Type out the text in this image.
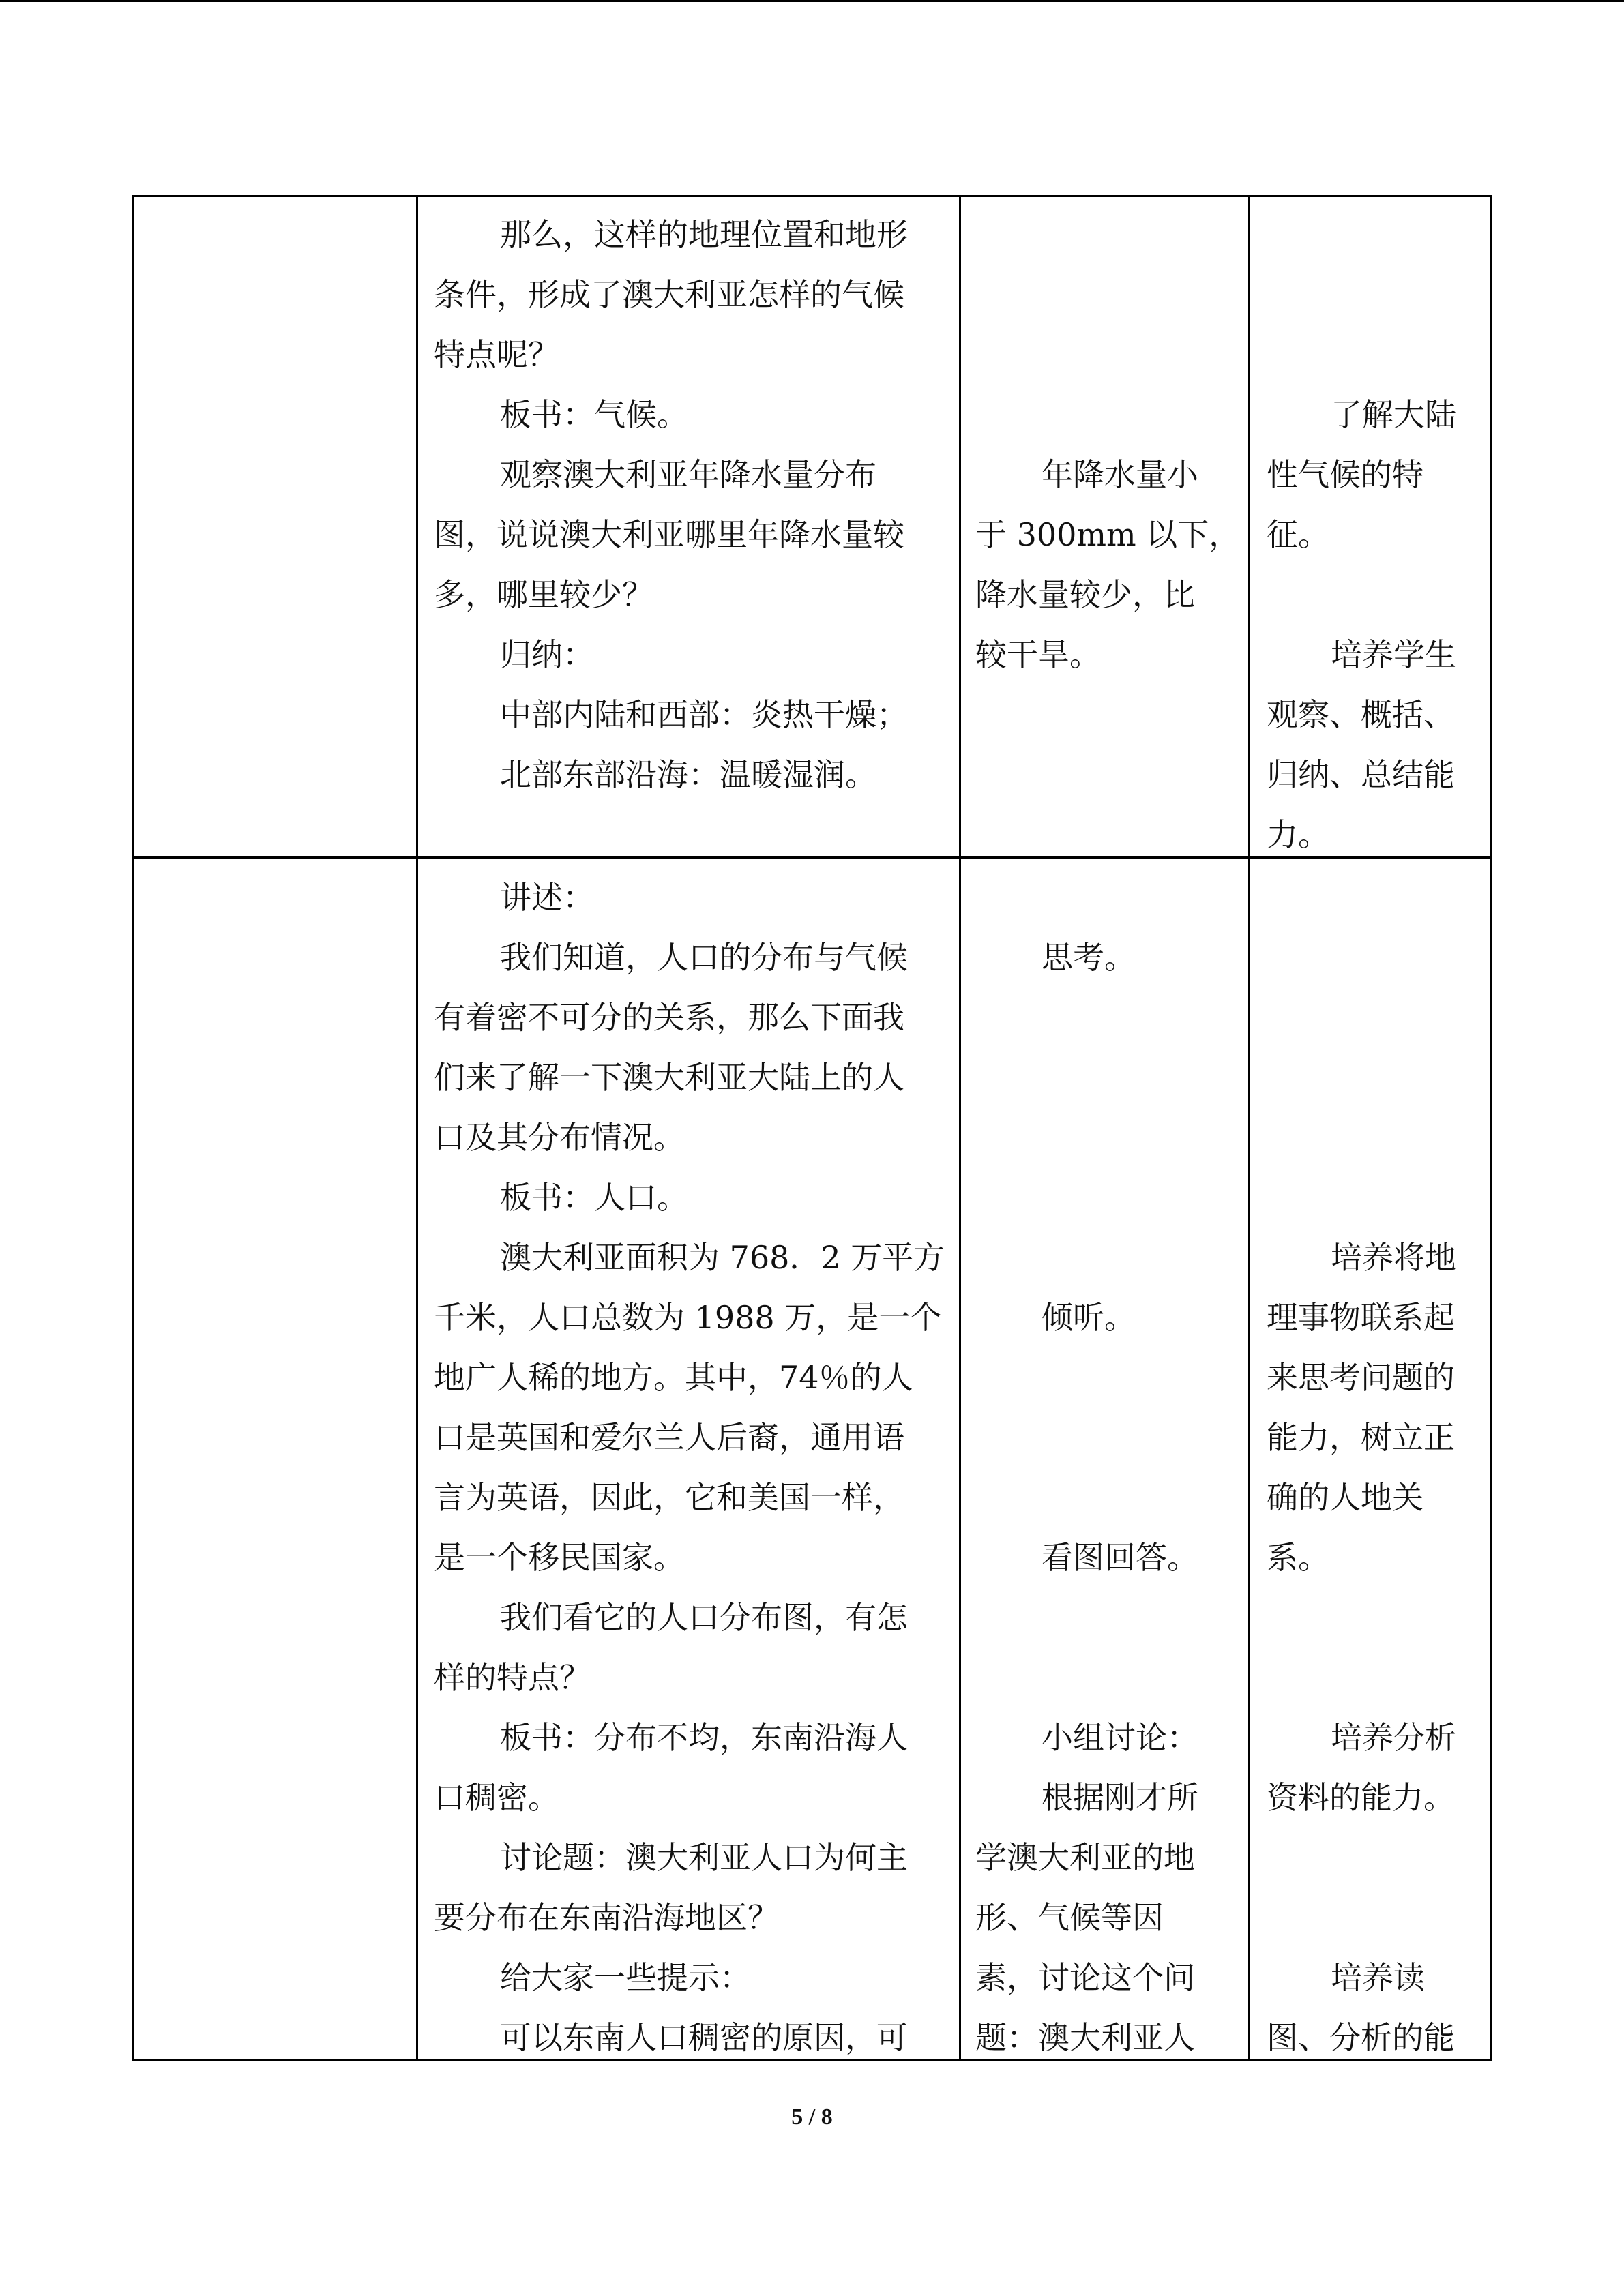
那么，这样的地理位置和地形
条件，形成了澳大利亚怎样的气候
特点呢？
板书：气候。
观察澳大利亚年降水量分布
图，说说澳大利亚哪里年降水量较
多，哪里较少？
归纳：
中部内陆和西部：炎热干燥；
北部东部沿海：温暖湿润。
年降水量小
于 300mm 以下，
降水量较少，比
较干旱。
了解大陆
性气候的特
征。
培养学生
观察、概括、
归纳、总结能
力。
讲述：
我们知道，人口的分布与气候
有着密不可分的关系，那么下面我
们来了解一下澳大利亚大陆上的人
口及其分布情况。
板书：人口。
澳大利亚面积为 768．2 万平方
千米，人口总数为 1988 万，是一个
地广人稀的地方。其中，74％的人
口是英国和爱尔兰人后裔，通用语
言为英语，因此，它和美国一样，
是一个移民国家。
我们看它的人口分布图，有怎
样的特点？
板书：分布不均，东南沿海人
口稠密。
讨论题：澳大利亚人口为何主
要分布在东南沿海地区？
给大家一些提示：
可以东南人口稠密的原因，可
思考。
倾听。
看图回答。
小组讨论：
根据刚才所
学澳大利亚的地
形、气候等因
素，讨论这个问
题：澳大利亚人
培养将地
理事物联系起
来思考问题的
能力，树立正
确的人地关
系。
培养分析
资料的能力。
培养读
图、分析的能
5 / 8
